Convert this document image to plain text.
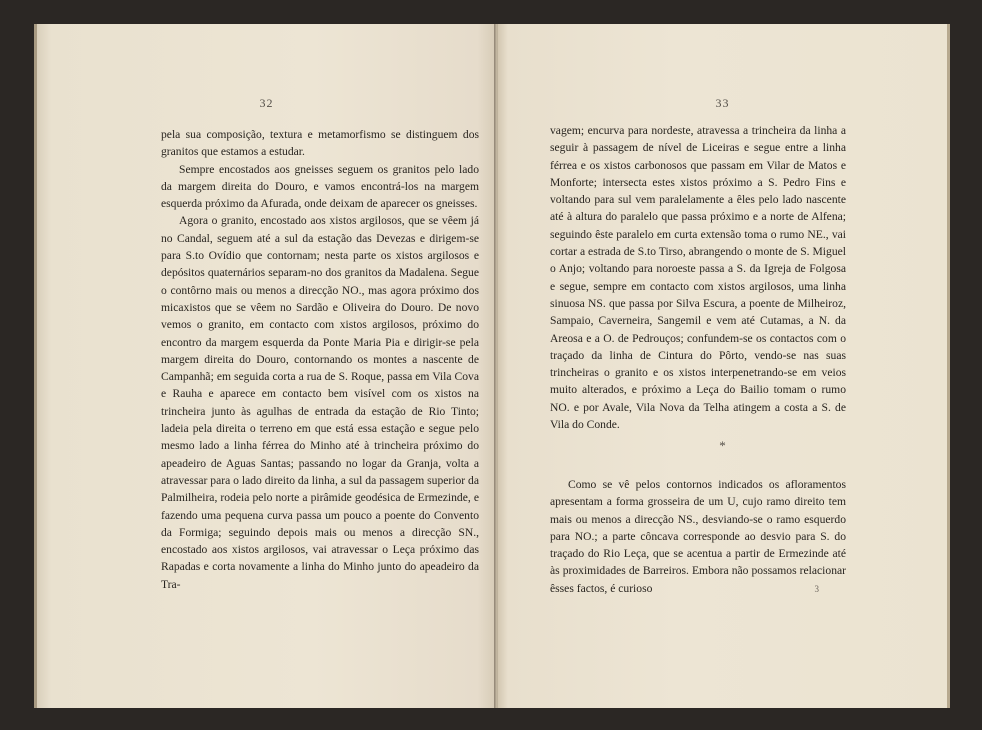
32

pela sua composição, textura e metamorfismo se distinguem dos granitos que estamos a estudar.

Sempre encostados aos gneisses seguem os granitos pelo lado da margem direita do Douro, e vamos encontrá-los na margem esquerda próximo da Afurada, onde deixam de aparecer os gneisses.

Agora o granito, encostado aos xistos argilosos, que se vêem já no Candal, seguem até a sul da estação das Devezas e dirigem-se para S.to Ovídio que contornam; nesta parte os xistos argilosos e depósitos quaternários separam-no dos granitos da Madalena. Segue o contôrno mais ou menos a direcção NO., mas agora próximo dos micaxistos que se vêem no Sardão e Oliveira do Douro. De novo vemos o granito, em contacto com xistos argilosos, próximo do encontro da margem esquerda da Ponte Maria Pia e dirigir-se pela margem direita do Douro, contornando os montes a nascente de Campanhã; em seguida corta a rua de S. Roque, passa em Vila Cova e Rauha e aparece em contacto bem visível com os xistos na trincheira junto às agulhas de entrada da estação de Rio Tinto; ladeia pela direita o terreno em que está essa estação e segue pelo mesmo lado a linha férrea do Minho até à trincheira próximo do apeadeiro de Aguas Santas; passando no logar da Granja, volta a atravessar para o lado direito da linha, a sul da passagem superior da Palmilheira, rodeia pelo norte a pirâmide geodésica de Ermezinde, e fazendo uma pequena curva passa um pouco a poente do Convento da Formiga; seguindo depois mais ou menos a direcção SN., encostado aos xistos argilosos, vai atravessar o Leça próximo das Rapadas e corta novamente a linha do Minho junto do apeadeiro da Tra-

33

vagem; encurva para nordeste, atravessa a trincheira da linha a seguir à passagem de nível de Liceiras e segue entre a linha férrea e os xistos carbonosos que passam em Vilar de Matos e Monforte; intersecta estes xistos próximo a S. Pedro Fins e voltando para sul vem paralelamente a êles pelo lado nascente até à altura do paralelo que passa próximo e a norte de Alfena; seguindo êste paralelo em curta extensão toma o rumo NE., vai cortar a estrada de S.to Tirso, abrangendo o monte de S. Miguel o Anjo; voltando para noroeste passa a S. da Igreja de Folgosa e segue, sempre em contacto com xistos argilosos, uma linha sinuosa NS. que passa por Silva Escura, a poente de Milheiroz, Sampaio, Caverneira, Sangemil e vem até Cutamas, a N. da Areosa e a O. de Pedrouços; confundem-se os contactos com o traçado da linha de Cintura do Pôrto, vendo-se nas suas trincheiras o granito e os xistos interpenetrando-se em veios muito alterados, e próximo a Leça do Bailio tomam o rumo NO. e por Avale, Vila Nova da Telha atingem a costa a S. de Vila do Conde.

*

Como se vê pelos contornos indicados os afloramentos apresentam a forma grosseira de um U, cujo ramo direito tem mais ou menos a direcção NS., desviando-se o ramo esquerdo para NO.; a parte côncava corresponde ao desvio para S. do traçado do Rio Leça, que se acentua a partir de Ermezinde até às proximidades de Barreiros. Embora não possamos relacionar êsses factos, é curioso	3
